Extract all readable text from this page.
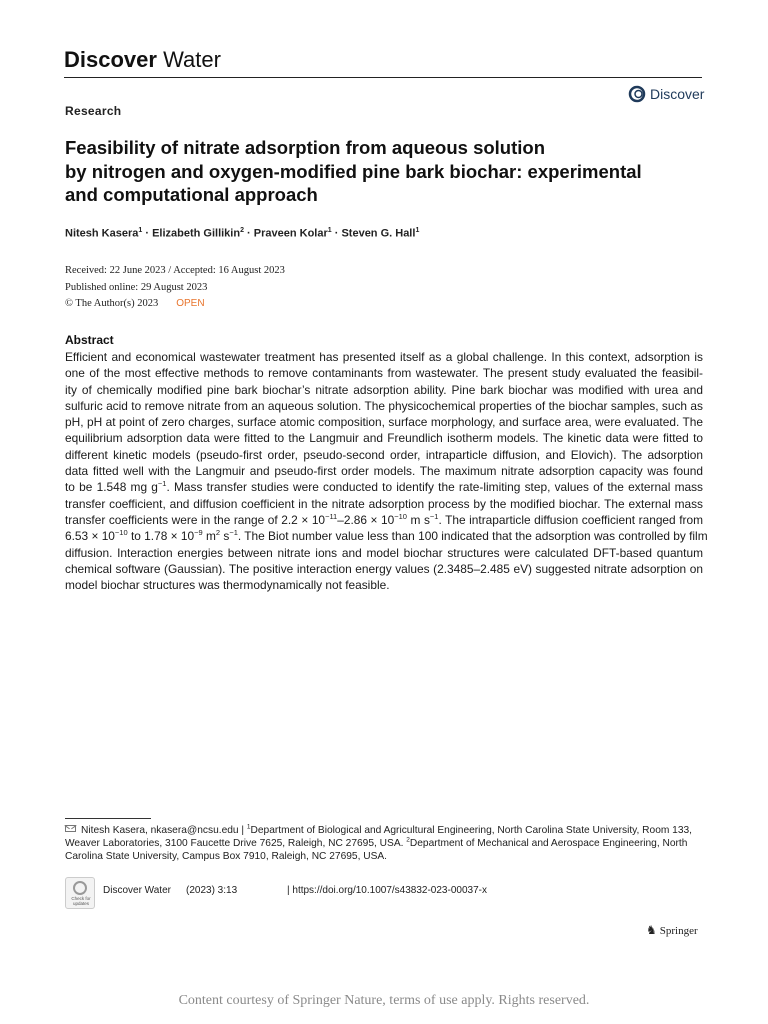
Discover Water
Discover
Research
Feasibility of nitrate adsorption from aqueous solution
by nitrogen and oxygen-modified pine bark biochar: experimental
and computational approach
Nitesh Kasera$^1$ · Elizabeth Gillikin$^2$ · Praveen Kolar$^1$ · Steven G. Hall$^1$
Received: 22 June 2023 / Accepted: 16 August 2023
Published online: 29 August 2023
© The Author(s) 2023 OPEN
Abstract
Efficient and economical wastewater treatment has presented itself as a global challenge. In this context, adsorption is
one of the most effective methods to remove contaminants from wastewater. The present study evaluated the feasibil-
ity of chemically modified pine bark biochar’s nitrate adsorption ability. Pine bark biochar was modified with urea and
sulfuric acid to remove nitrate from an aqueous solution. The physicochemical properties of the biochar samples, such as
pH, pH at point of zero charges, surface atomic composition, surface morphology, and surface area, were evaluated. The
equilibrium adsorption data were fitted to the Langmuir and Freundlich isotherm models. The kinetic data were fitted to
different kinetic models (pseudo-first order, pseudo-second order, intraparticle diffusion, and Elovich). The adsorption
data fitted well with the Langmuir and pseudo-first order models. The maximum nitrate adsorption capacity was found
to be 1.548 mg $g^{-1}$. Mass transfer studies were conducted to identify the rate-limiting step, values of the external mass
transfer coefficient, and diffusion coefficient in the nitrate adsorption process by the modified biochar. The external mass
transfer coefficients were in the range of $2.2 \times 10^{-11}-2.86 \times 10^{-10}$ m $s^{-1}$. The intraparticle diffusion coefficient ranged from
$6.53 \times 10^{-10}$ to $1.78 \times 10^{-9}$ $m^2$ $s^{-1}$. The Biot number value less than 100 indicated that the adsorption was controlled by film
diffusion. Interaction energies between nitrate ions and model biochar structures were calculated DFT-based quantum
chemical software (Gaussian). The positive interaction energy values (2.3485–2.485 eV) suggested nitrate adsorption on
model biochar structures was thermodynamically not feasible.
Nitesh Kasera, nkasera@ncsu.edu | $^1$Department of Biological and Agricultural Engineering, North Carolina State University, Room 133,
Weaver Laboratories, 3100 Faucette Drive 7625, Raleigh, NC 27695, USA. $^2$Department of Mechanical and Aerospace Engineering, North
Carolina State University, Campus Box 7910, Raleigh, NC 27695, USA.
Check for updates
Discover Water (2023) 3:13	| https://doi.org/10.1007/s43832-023-00037-x
♞ Springer
Content courtesy of Springer Nature, terms of use apply. Rights reserved.
